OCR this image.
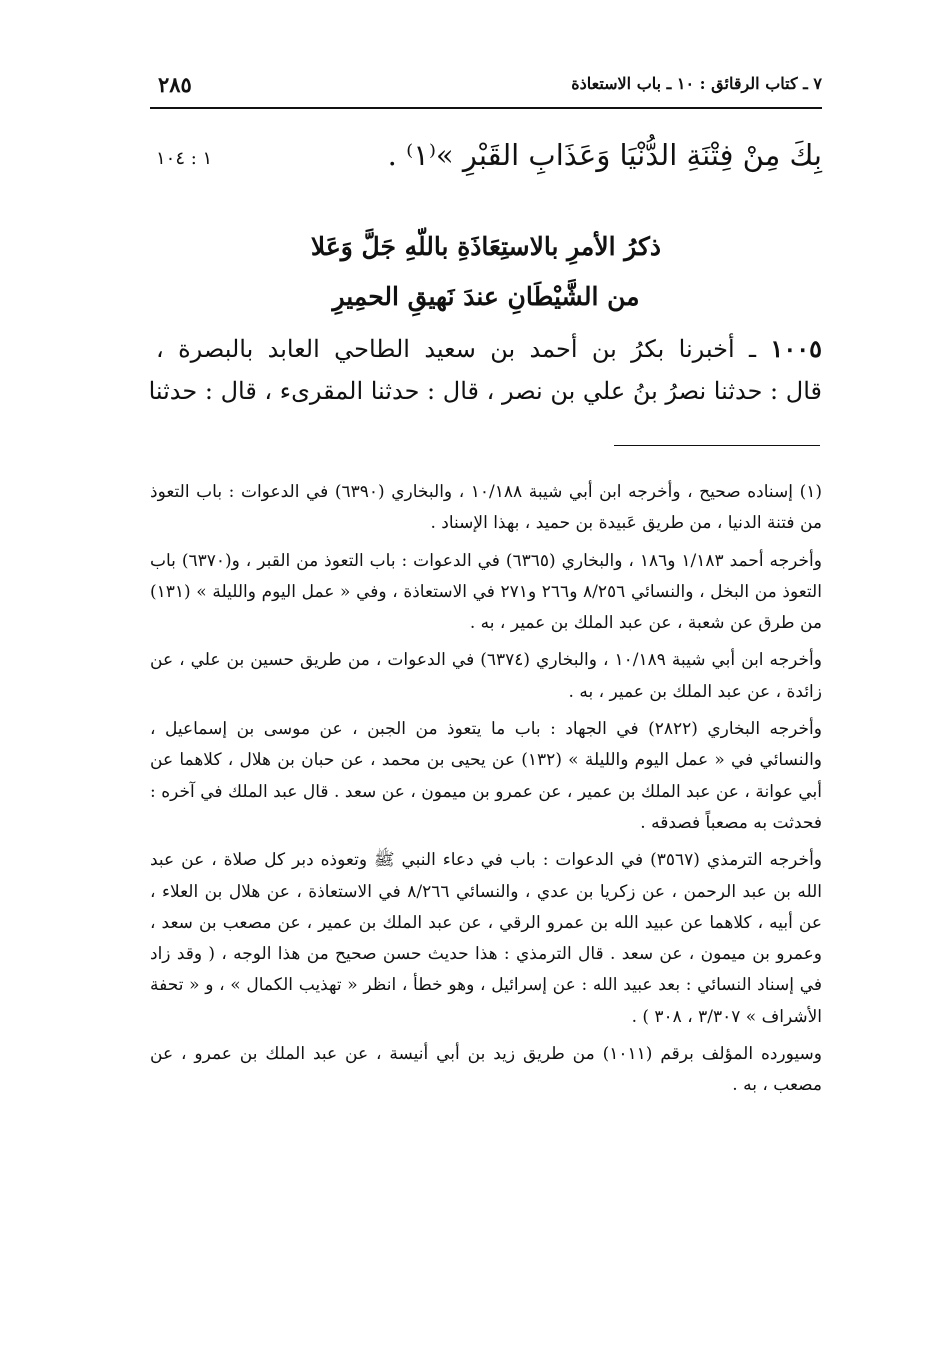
٢٨٥	٧ ـ كتاب الرقائق : ١٠ ـ باب الاستعاذة
بِكَ مِنْ فِتْنَةِ الدُّنْيَا وَعَذَابِ القَبْرِ »⁽١⁾ .
١ : ١٠٤
ذكرُ الأمرِ بالاستِعَاذَةِ باللّهِ جَلَّ وَعَلا
من الشَّيْطَانِ عندَ نَهيقِ الحمِيرِ
١٠٠٥ ـ أخبرنا بكرُ بن أحمد بن سعيد الطاحي العابد بالبصرة ،
قال : حدثنا نصرُ بنُ علي بن نصر ، قال : حدثنا المقرىء ، قال : حدثنا

(١) إسناده صحيح ، وأخرجه ابن أبي شيبة ١٠/١٨٨ ، والبخاري (٦٣٩٠) في الدعوات : باب التعوذ من فتنة الدنيا ، من طريق عَبيدة بن حميد ، بهذا الإسناد .

وأخرجه أحمد ١/١٨٣ و١٨٦ ، والبخاري (٦٣٦٥) في الدعوات : باب التعوذ من القبر ، و(٦٣٧٠) باب التعوذ من البخل ، والنسائي ٨/٢٥٦ و٢٦٦ و٢٧١ في الاستعاذة ، وفي « عمل اليوم والليلة » (١٣١) من طرق عن شعبة ، عن عبد الملك بن عمير ، به .

وأخرجه ابن أبي شيبة ١٠/١٨٩ ، والبخاري (٦٣٧٤) في الدعوات ، من طريق حسين بن علي ، عن زائدة ، عن عبد الملك بن عمير ، به .

وأخرجه البخاري (٢٨٢٢) في الجهاد : باب ما يتعوذ من الجبن ، عن موسى بن إسماعيل ، والنسائي في « عمل اليوم والليلة » (١٣٢) عن يحيى بن محمد ، عن حبان بن هلال ، كلاهما عن أبي عوانة ، عن عبد الملك بن عمير ، عن عمرو بن ميمون ، عن سعد . قال عبد الملك في آخره : فحدثت به مصعباً فصدقه .

وأخرجه الترمذي (٣٥٦٧) في الدعوات : باب في دعاء النبي ﷺ وتعوذه دبر كل صلاة ، عن عبد الله بن عبد الرحمن ، عن زكريا بن عدي ، والنسائي ٨/٢٦٦ في الاستعاذة ، عن هلال بن العلاء ، عن أبيه ، كلاهما عن عبيد الله بن عمرو الرقي ، عن عبد الملك بن عمير ، عن مصعب بن سعد ، وعمرو بن ميمون ، عن سعد . قال الترمذي : هذا حديث حسن صحيح من هذا الوجه ، ( وقد زاد في إسناد النسائي : بعد عبيد الله : عن إسرائيل ، وهو خطأ ، انظر « تهذيب الكمال » ، و « تحفة الأشراف » ٣/٣٠٧ ، ٣٠٨ ) .

وسيورده المؤلف برقم (١٠١١) من طريق زيد بن أبي أنيسة ، عن عبد الملك بن عمرو ، عن مصعب ، به .
